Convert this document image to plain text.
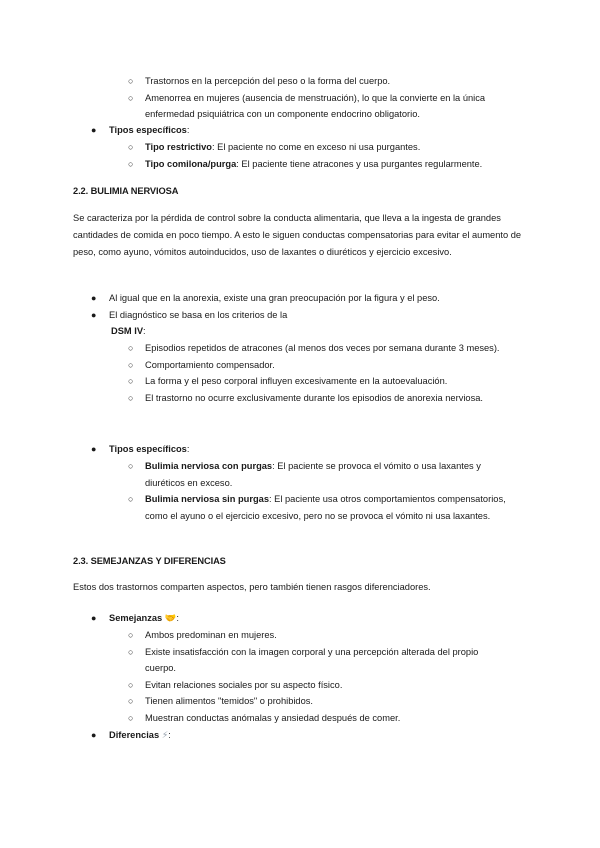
○ Trastornos en la percepción del peso o la forma del cuerpo.
○ Amenorrea en mujeres (ausencia de menstruación), lo que la convierte en la única enfermedad psiquiátrica con un componente endocrino obligatorio.
● Tipos específicos:
○ Tipo restrictivo: El paciente no come en exceso ni usa purgantes.
○ Tipo comilona/purga: El paciente tiene atracones y usa purgantes regularmente.
2.2. BULIMIA NERVIOSA

Se caracteriza por la pérdida de control sobre la conducta alimentaria, que lleva a la ingesta de grandes cantidades de comida en poco tiempo. A esto le siguen conductas compensatorias para evitar el aumento de peso, como ayuno, vómitos autoinducidos, uso de laxantes o diuréticos y ejercicio excesivo.

● Al igual que en la anorexia, existe una gran preocupación por la figura y el peso.
● El diagnóstico se basa en los criterios de la
DSM IV:
○ Episodios repetidos de atracones (al menos dos veces por semana durante 3 meses).
○ Comportamiento compensador.
○ La forma y el peso corporal influyen excesivamente en la autoevaluación.
○ El trastorno no ocurre exclusivamente durante los episodios de anorexia nerviosa.
● Tipos específicos:
○ Bulimia nerviosa con purgas: El paciente se provoca el vómito o usa laxantes y diuréticos en exceso.
○ Bulimia nerviosa sin purgas: El paciente usa otros comportamientos compensatorios, como el ayuno o el ejercicio excesivo, pero no se provoca el vómito ni usa laxantes.
2.3. SEMEJANZAS Y DIFERENCIAS

Estos dos trastornos comparten aspectos, pero también tienen rasgos diferenciadores.

● Semejanzas 🤝:
○ Ambos predominan en mujeres.
○ Existe insatisfacción con la imagen corporal y una percepción alterada del propio cuerpo.
○ Evitan relaciones sociales por su aspecto físico.
○ Tienen alimentos "temidos" o prohibidos.
○ Muestran conductas anómalas y ansiedad después de comer.
● Diferencias ⚡:
